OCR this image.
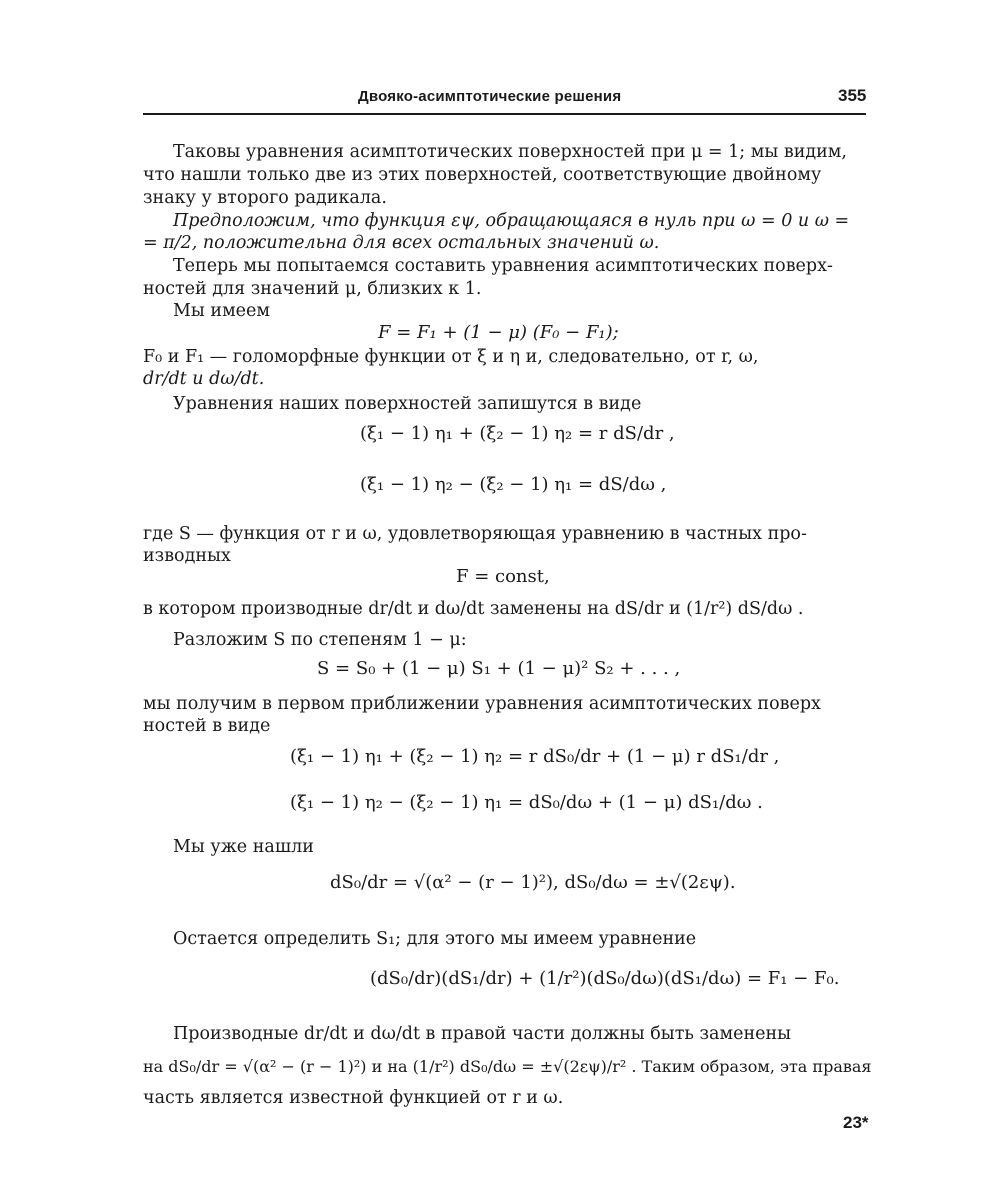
Двояко-асимптотические решения	355
Таковы уравнения асимптотических поверхностей при μ = 1; мы видим,
что нашли только две из этих поверхностей, соответствующие двойному
знаку у второго радикала.
Предположим, что функция εψ, обращающаяся в нуль при ω = 0 и ω =
= π/2, положительна для всех остальных значений ω.
Теперь мы попытаемся составить уравнения асимптотических поверх-
ностей для значений μ, близких к 1.
Мы имеем
F = F₁ + (1 − μ) (F₀ − F₁);
F₀ и F₁ — голоморфные функции от ξ и η и, следовательно, от r, ω,
dr/dt и dω/dt.
Уравнения наших поверхностей запишутся в виде
(ξ₁ − 1) η₁ + (ξ₂ − 1) η₂ = r dS/dr ,
(ξ₁ − 1) η₂ − (ξ₂ − 1) η₁ = dS/dω ,
где S — функция от r и ω, удовлетворяющая уравнению в частных про-
изводных
F = const,
в котором производные dr/dt и dω/dt заменены на dS/dr и (1/r²) dS/dω .
Разложим S по степеням 1 − μ:
S = S₀ + (1 − μ) S₁ + (1 − μ)² S₂ + . . . ,
мы получим в первом приближении уравнения асимптотических поверх
ностей в виде
(ξ₁ − 1) η₁ + (ξ₂ − 1) η₂ = r dS₀/dr + (1 − μ) r dS₁/dr ,
(ξ₁ − 1) η₂ − (ξ₂ − 1) η₁ = dS₀/dω + (1 − μ) dS₁/dω .
Мы уже нашли
dS₀/dr = √(α² − (r − 1)²), dS₀/dω = ±√(2εψ).
Остается определить S₁; для этого мы имеем уравнение
(dS₀/dr)(dS₁/dr) + (1/r²)(dS₀/dω)(dS₁/dω) = F₁ − F₀.
Производные dr/dt и dω/dt в правой части должны быть заменены
на dS₀/dr = √(α² − (r − 1)²) и на (1/r²) dS₀/dω = ±√(2εψ)/r² . Таким образом, эта правая
часть является известной функцией от r и ω.
23*
